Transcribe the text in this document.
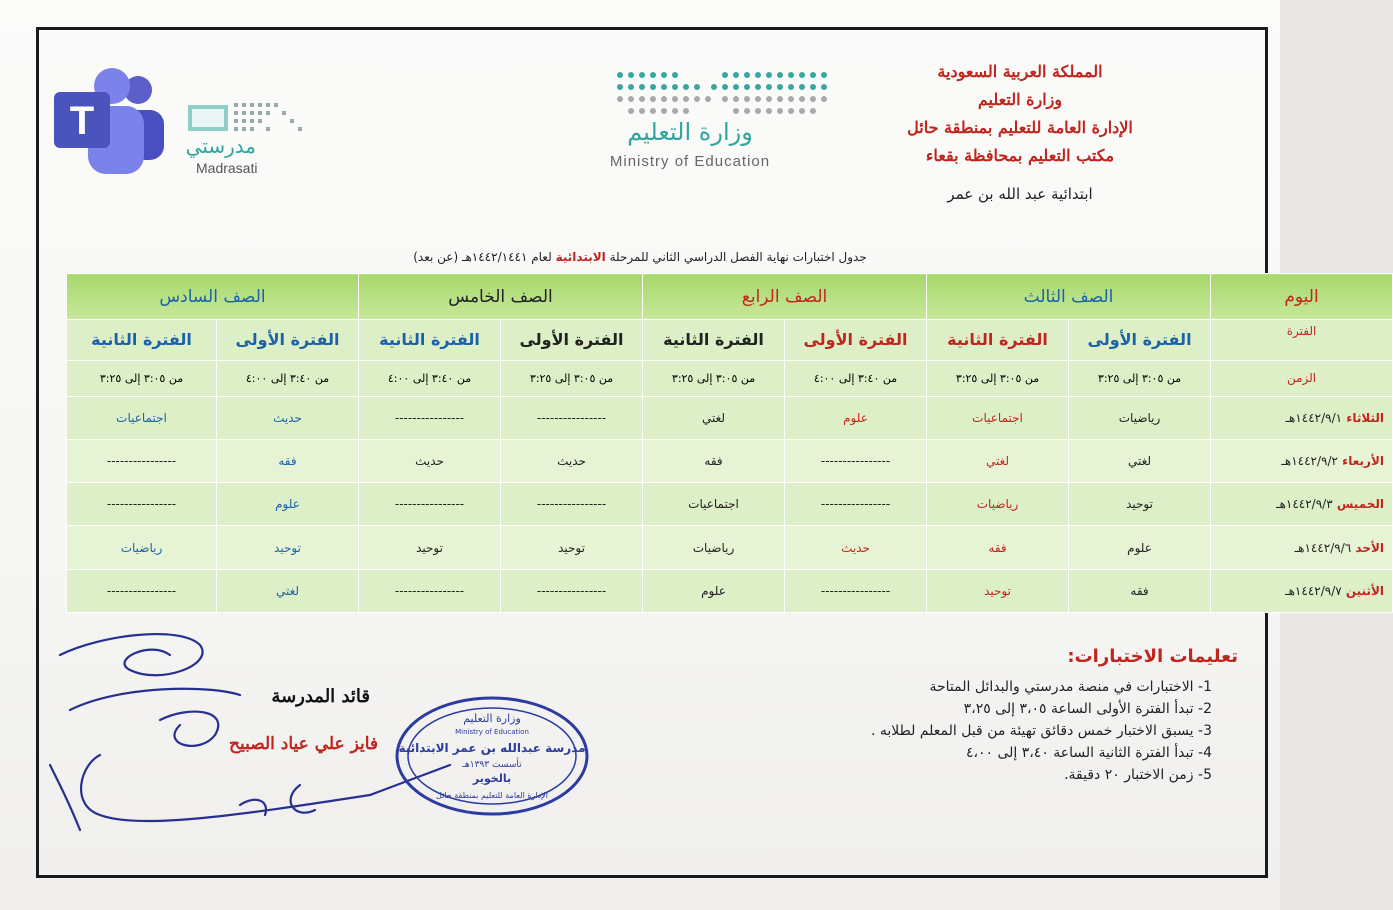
T
مدرستي
Madrasati
وزارة التعليم
Ministry of Education
المملكة العربية السعودية
وزارة التعليم
الإدارة العامة للتعليم بمنطقة حائل
مكتب التعليم بمحافظة بقعاء
ابتدائية عبد الله بن عمر
جدول اختبارات نهاية الفصل الدراسي الثاني للمرحلة الابتدائية لعام ١٤٤٢/١٤٤١هـ (عن بعد)
اليوم	الصف الثالث		الصف الرابع		الصف الخامس		الصف السادس	
الفترة	الفترة الأولى	الفترة الثانية	الفترة الأولى	الفترة الثانية	الفترة الأولى	الفترة الثانية	الفترة الأولى	الفترة الثانية
الزمن	من ٣:٠٥ إلى ٣:٢٥	من ٣:٠٥ إلى ٣:٢٥	من ٣:٤٠ إلى ٤:٠٠	من ٣:٠٥ إلى ٣:٢٥	من ٣:٠٥ إلى ٣:٢٥	من ٣:٤٠ إلى ٤:٠٠	من ٣:٤٠ إلى ٤:٠٠	من ٣:٠٥ إلى ٣:٢٥
الثلاثاء ١٤٤٢/٩/١هـ	رياضيات	اجتماعيات	علوم	لغتي	----------------	----------------	حديث	اجتماعيات
الأربعاء ١٤٤٢/٩/٢هـ	لغتي	لغتي	----------------	فقه	حديث	حديث	فقه	----------------
الخميس ١٤٤٢/٩/٣هـ	توحيد	رياضيات	----------------	اجتماعيات	----------------	----------------	علوم	----------------
الأحد ١٤٤٢/٩/٦هـ	علوم	فقه	حديث	رياضيات	توحيد	توحيد	توحيد	رياضيات
الأثنين ١٤٤٢/٩/٧هـ	فقه	توحيد	----------------	علوم	----------------	----------------	لغتي	----------------
تعليمات الاختبارات:
1- الاختبارات في منصة مدرستي والبدائل المتاحة
2- تبدأ الفترة الأولى الساعة ٣،٠٥ إلى ٣،٢٥
3- يسبق الاختبار خمس دقائق تهيئة من قبل المعلم لطلابه .
4- تبدأ الفترة الثانية الساعة ٣،٤٠ إلى ٤،٠٠
5- زمن الاختبار ٢٠ دقيقة.
قائد المدرسة
فايز علي عياد الصبيح
وزارة التعليم
Ministry of Education
مدرسة عبدالله بن عمر الابتدائية
تأسست ١٣٩٣هـ
بالخوير
الإدارة العامة للتعليم بمنطقة حائل
